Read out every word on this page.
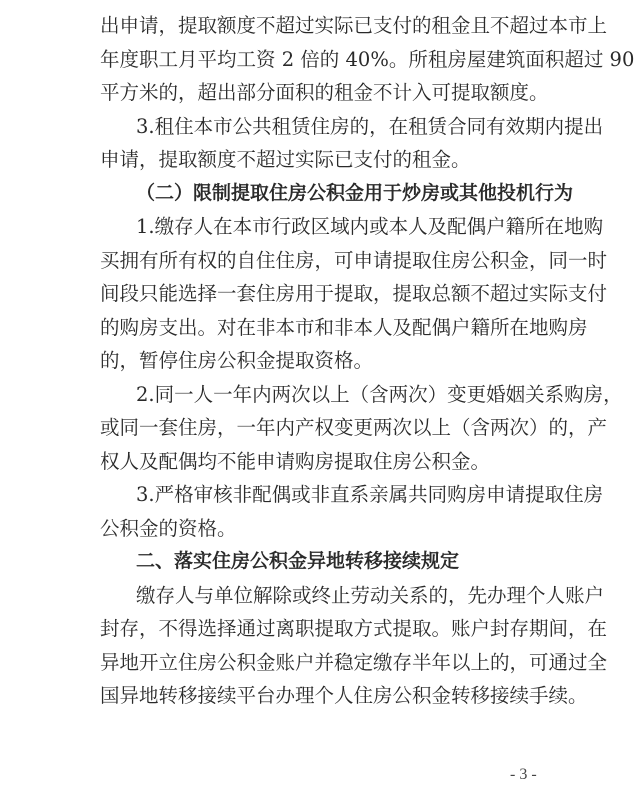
出申请，提取额度不超过实际已支付的租金且不超过本市上
年度职工月平均工资 2 倍的 40%。所租房屋建筑面积超过 90
平方米的，超出部分面积的租金不计入可提取额度。
3.租住本市公共租赁住房的，在租赁合同有效期内提出
申请，提取额度不超过实际已支付的租金。
（二）限制提取住房公积金用于炒房或其他投机行为
1.缴存人在本市行政区域内或本人及配偶户籍所在地购
买拥有所有权的自住住房，可申请提取住房公积金，同一时
间段只能选择一套住房用于提取，提取总额不超过实际支付
的购房支出。对在非本市和非本人及配偶户籍所在地购房
的，暂停住房公积金提取资格。
2.同一人一年内两次以上（含两次）变更婚姻关系购房，
或同一套住房，一年内产权变更两次以上（含两次）的，产
权人及配偶均不能申请购房提取住房公积金。
3.严格审核非配偶或非直系亲属共同购房申请提取住房
公积金的资格。
二、落实住房公积金异地转移接续规定
缴存人与单位解除或终止劳动关系的，先办理个人账户
封存，不得选择通过离职提取方式提取。账户封存期间，在
异地开立住房公积金账户并稳定缴存半年以上的，可通过全
国异地转移接续平台办理个人住房公积金转移接续手续。
- 3 -
